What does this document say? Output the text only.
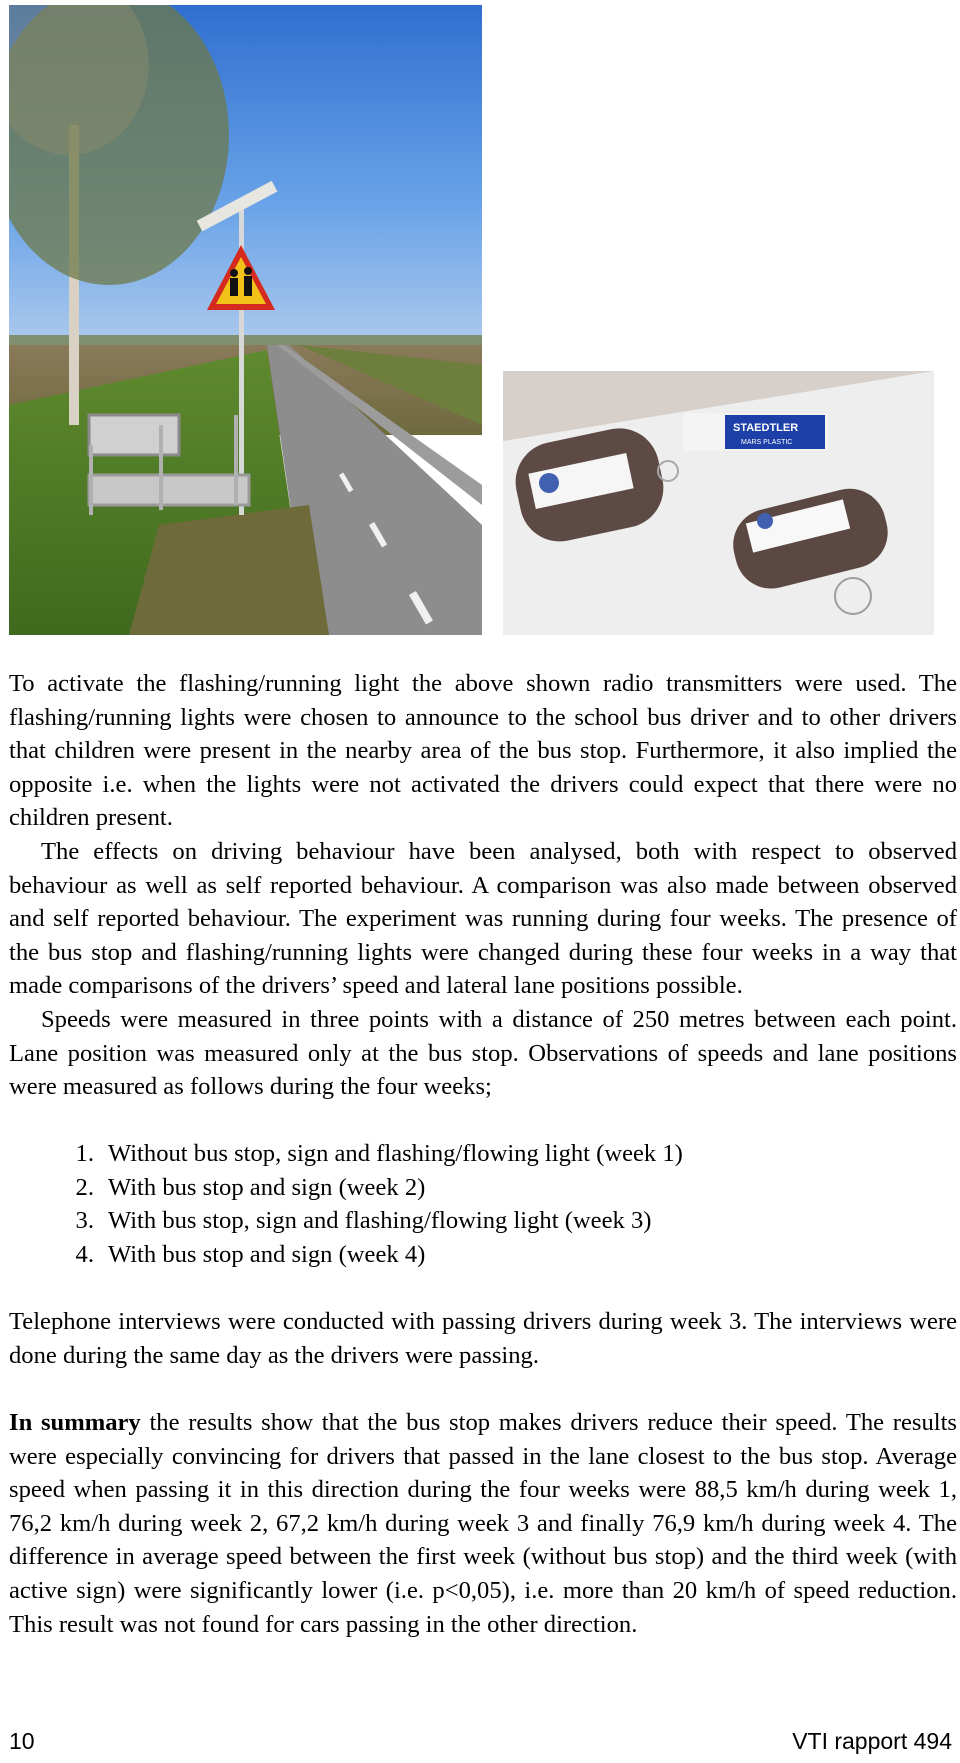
STAEDTLER
MARS PLASTIC

To activate the flashing/running light the above shown radio transmitters were used. The flashing/running lights were chosen to announce to the school bus driver and to other drivers that children were present in the nearby area of the bus stop. Furthermore, it also implied the opposite i.e. when the lights were not activated the drivers could expect that there were no children present.

The effects on driving behaviour have been analysed, both with respect to observed behaviour as well as self reported behaviour. A comparison was also made between observed and self reported behaviour. The experiment was running during four weeks. The presence of the bus stop and flashing/running lights were changed during these four weeks in a way that made comparisons of the drivers’ speed and lateral lane positions possible.

Speeds were measured in three points with a distance of 250 metres between each point. Lane position was measured only at the bus stop. Observations of speeds and lane positions were measured as follows during the four weeks;

1. Without bus stop, sign and flashing/flowing light (week 1)
2. With bus stop and sign (week 2)
3. With bus stop, sign and flashing/flowing light (week 3)
4. With bus stop and sign (week 4)

Telephone interviews were conducted with passing drivers during week 3. The interviews were done during the same day as the drivers were passing.

In summary the results show that the bus stop makes drivers reduce their speed. The results were especially convincing for drivers that passed in the lane closest to the bus stop. Average speed when passing it in this direction during the four weeks were 88,5 km/h during week 1, 76,2 km/h during week 2, 67,2 km/h during week 3 and finally 76,9 km/h during week 4. The difference in average speed between the first week (without bus stop) and the third week (with active sign) were significantly lower (i.e. p<0,05), i.e. more than 20 km/h of speed reduction. This result was not found for cars passing in the other direction.

10	VTI rapport 494
